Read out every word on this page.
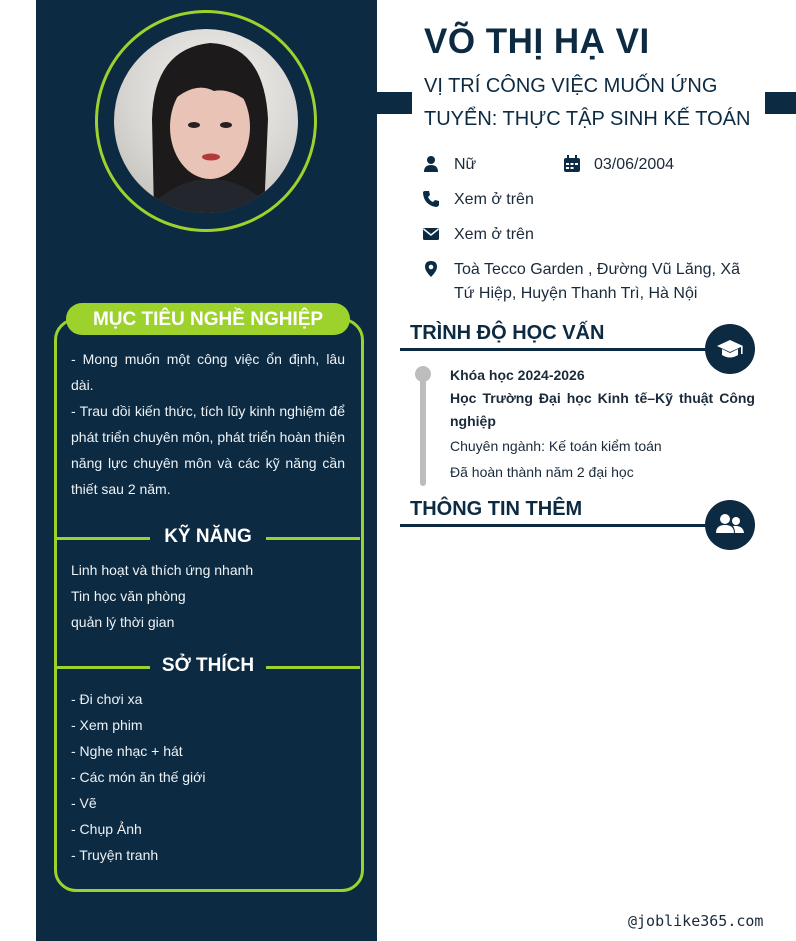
MỤC TIÊU NGHỀ NGHIỆP
- Mong muốn một công việc ổn định, lâu dài.
- Trau dồi kiến thức, tích lũy kinh nghiệm để phát triển chuyên môn, phát triển hoàn thiện năng lực chuyên môn và các kỹ năng cần thiết sau 2 năm.
KỸ NĂNG
Linh hoạt và thích ứng nhanh
Tin học văn phòng
quản lý thời gian
SỞ THÍCH
- Đi chơi xa
- Xem phim
- Nghe nhạc + hát
- Các món ăn thế giới
- Vẽ
- Chụp Ảnh
- Truyện tranh
VÕ THỊ HẠ VI
VỊ TRÍ CÔNG VIỆC MUỐN ỨNG TUYỂN: THỰC TẬP SINH KẾ TOÁN
Nữ	03/06/2004
Xem ở trên
Xem ở trên
Toà Tecco Garden , Đường Vũ Lăng, Xã Tứ Hiệp, Huyện Thanh Trì, Hà Nội
TRÌNH ĐỘ HỌC VẤN
Khóa học 2024-2026
Học Trường Đại học Kinh tế–Kỹ thuật Công nghiệp
Chuyên ngành: Kế toán kiểm toán
Đã hoàn thành năm 2 đại học
THÔNG TIN THÊM
@joblike365.com
